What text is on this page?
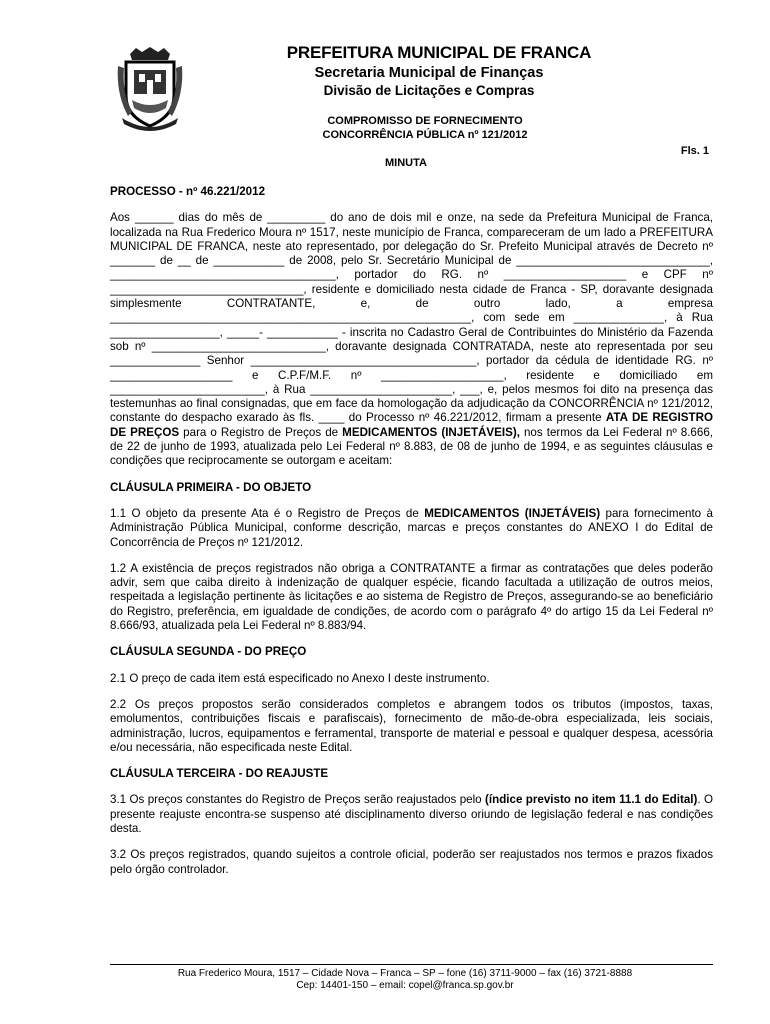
PREFEITURA MUNICIPAL DE FRANCA
Secretaria Municipal de Finanças
Divisão de Licitações e Compras
COMPROMISSO DE FORNECIMENTO
CONCORRÊNCIA PÚBLICA nº 121/2012
Fls. 1
MINUTA

PROCESSO - nº 46.221/2012

Aos ______ dias do mês de _________ do ano de dois mil e onze, na sede da Prefeitura Municipal de Franca, localizada na Rua Frederico Moura nº 1517, neste município de Franca, compareceram de um lado a PREFEITURA MUNICIPAL DE FRANCA, neste ato representado, por delegação do Sr. Prefeito Municipal através de Decreto nº _______ de __ de ___________ de 2008, pelo Sr. Secretário Municipal de ______________________________, ___________________________________, portador do RG. nº ___________________ e CPF nº ______________________________, residente e domiciliado nesta cidade de Franca - SP, doravante designada simplesmente CONTRATANTE, e, de outro lado, a empresa ________________________________________________________, com sede em ______________, à Rua _________________, _____- ___________ - inscrita no Cadastro Geral de Contribuintes do Ministério da Fazenda sob nº ___________________________, doravante designada CONTRATADA, neste ato representada por seu ______________ Senhor ___________________________________, portador da cédula de identidade RG. nº ___________________ e C.P.F/M.F. nº ___________________, residente e domiciliado em ________________________, à Rua ______________________, ___, e, pelos mesmos foi dito na presença das testemunhas ao final consignadas, que em face da homologação da adjudicação da CONCORRÊNCIA nº 121/2012, constante do despacho exarado às fls. ____ do Processo nº 46.221/2012, firmam a presente ATA DE REGISTRO DE PREÇOS para o Registro de Preços de MEDICAMENTOS (INJETÁVEIS), nos termos da Lei Federal nº 8.666, de 22 de junho de 1993, atualizada pelo Lei Federal nº 8.883, de 08 de junho de 1994, e as seguintes cláusulas e condições que reciprocamente se outorgam e aceitam:

CLÁUSULA PRIMEIRA - DO OBJETO

1.1 O objeto da presente Ata é o Registro de Preços de MEDICAMENTOS (INJETÁVEIS) para fornecimento à Administração Pública Municipal, conforme descrição, marcas e preços constantes do ANEXO I do Edital de Concorrência de Preços nº 121/2012.

1.2 A existência de preços registrados não obriga a CONTRATANTE a firmar as contratações que deles poderão advir, sem que caiba direito à indenização de qualquer espécie, ficando facultada a utilização de outros meios, respeitada a legislação pertinente às licitações e ao sistema de Registro de Preços, assegurando-se ao beneficiário do Registro, preferência, em igualdade de condições, de acordo com o parágrafo 4º do artigo 15 da Lei Federal nº 8.666/93, atualizada pela Lei Federal nº 8.883/94.

CLÁUSULA SEGUNDA - DO PREÇO

2.1 O preço de cada item está especificado no Anexo I deste instrumento.

2.2 Os preços propostos serão considerados completos e abrangem todos os tributos (impostos, taxas, emolumentos, contribuições fiscais e parafiscais), fornecimento de mão-de-obra especializada, leis sociais, administração, lucros, equipamentos e ferramental, transporte de material e pessoal e qualquer despesa, acessória e/ou necessária, não especificada neste Edital.

CLÁUSULA TERCEIRA - DO REAJUSTE

3.1 Os preços constantes do Registro de Preços serão reajustados pelo (índice previsto no item 11.1 do Edital). O presente reajuste encontra-se suspenso até disciplinamento diverso oriundo de legislação federal e nas condições desta.

3.2 Os preços registrados, quando sujeitos a controle oficial, poderão ser reajustados nos termos e prazos fixados pelo órgão controlador.

Rua Frederico Moura, 1517 – Cidade Nova – Franca – SP – fone (16) 3711-9000 – fax (16) 3721-8888
Cep: 14401-150 – email: copel@franca.sp.gov.br
